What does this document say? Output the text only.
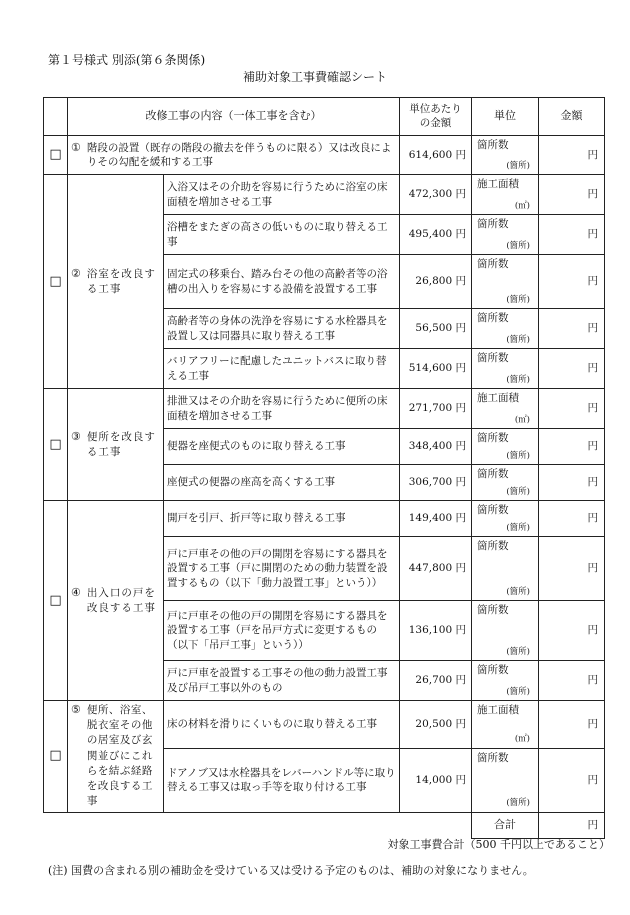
第１号様式 別添(第６条関係)
補助対象工事費確認シート
	改修工事の内容（一体工事を含む）		単位あたり
の金額	単位	金額
□	① 階段の設置（既存の階段の撤去を伴うものに限る）又は改良によりその勾配を緩和する工事		614,600 円	箇所数
(箇所)	円
□	② 浴室を改良する工事	入浴又はその介助を容易に行うために浴室の床面積を増加させる工事	472,300 円	施工面積
(㎡)	円
		浴槽をまたぎの高さの低いものに取り替える工事	495,400 円	箇所数
(箇所)	円
		固定式の移乗台、踏み台その他の高齢者等の浴槽の出入りを容易にする設備を設置する工事	26,800 円	箇所数
(箇所)	円
		高齢者等の身体の洗浄を容易にする水栓器具を設置し又は同器具に取り替える工事	56,500 円	箇所数
(箇所)	円
		バリアフリーに配慮したユニットバスに取り替える工事	514,600 円	箇所数
(箇所)	円
□	③ 便所を改良する工事	排泄又はその介助を容易に行うために便所の床面積を増加させる工事	271,700 円	施工面積
(㎡)	円
		便器を座便式のものに取り替える工事	348,400 円	箇所数
(箇所)	円
		座便式の便器の座高を高くする工事	306,700 円	箇所数
(箇所)	円
□	④ 出入口の戸を改良する工事	開戸を引戸、折戸等に取り替える工事	149,400 円	箇所数
(箇所)	円
		戸に戸車その他の戸の開閉を容易にする器具を設置する工事（戸に開閉のための動力装置を設置するもの（以下「動力設置工事」という））	447,800 円	箇所数
(箇所)	円
		戸に戸車その他の戸の開閉を容易にする器具を設置する工事（戸を吊戸方式に変更するもの（以下「吊戸工事」という））	136,100 円	箇所数
(箇所)	円
		戸に戸車を設置する工事その他の動力設置工事及び吊戸工事以外のもの	26,700 円	箇所数
(箇所)	円
□	⑤ 便所、浴室、脱衣室その他の居室及び玄関並びにこれらを結ぶ経路を改良する工事	床の材料を滑りにくいものに取り替える工事	20,500 円	施工面積
(㎡)	円
		ドアノブ又は水栓器具をレバーハンドル等に取り替える工事又は取っ手等を取り付ける工事	14,000 円	箇所数
(箇所)	円
				合計	円
対象工事費合計（500 千円以上であること）
(注) 国費の含まれる別の補助金を受けている又は受ける予定のものは、補助の対象になりません。
